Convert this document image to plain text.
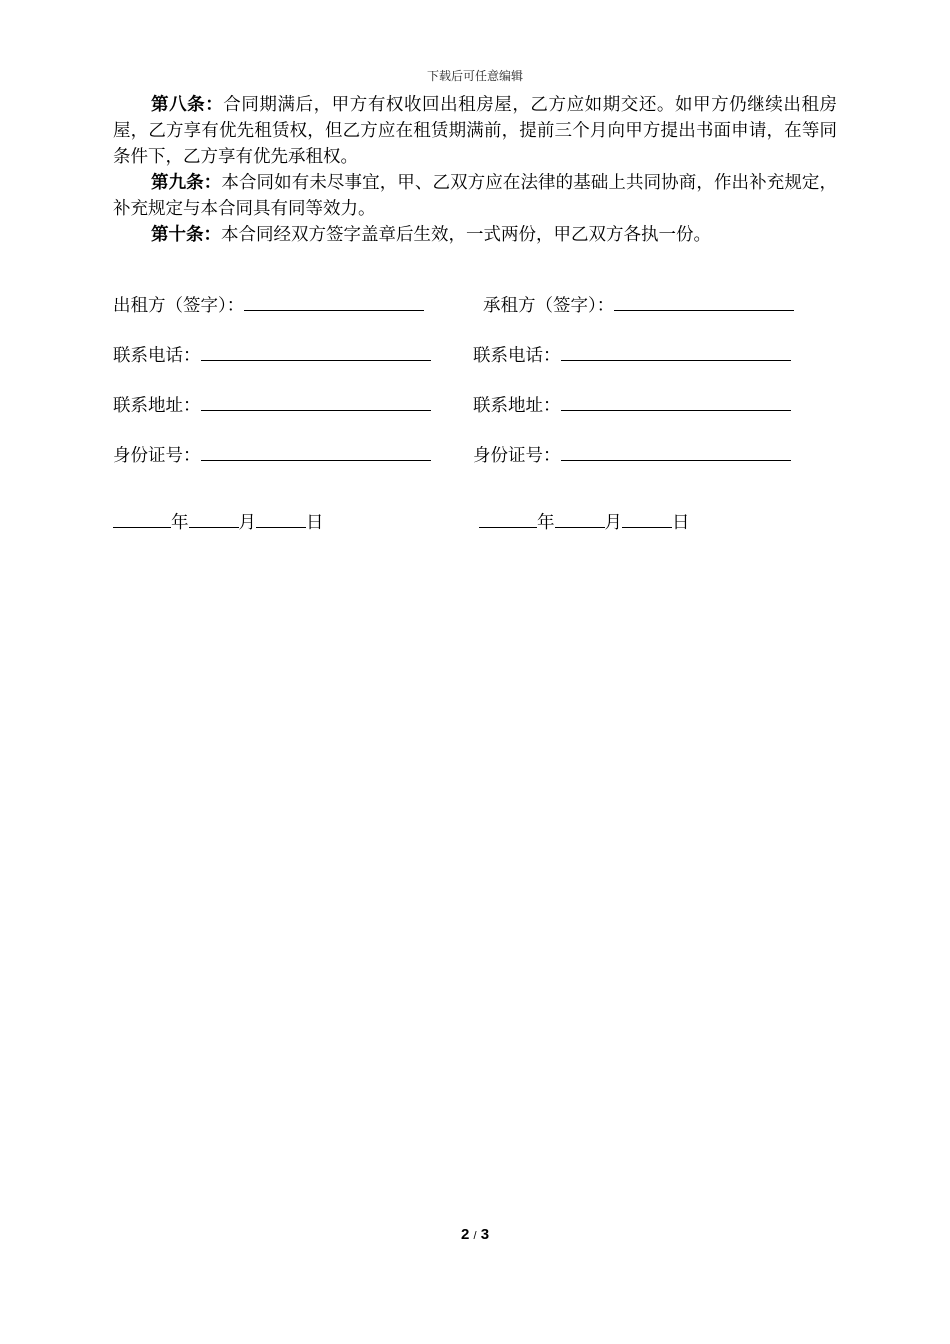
下载后可任意编辑

第八条：合同期满后，甲方有权收回出租房屋，乙方应如期交还。如甲方仍继续出租房屋，乙方享有优先租赁权，但乙方应在租赁期满前，提前三个月向甲方提出书面申请，在等同条件下，乙方享有优先承租权。

第九条：本合同如有未尽事宜，甲、乙双方应在法律的基础上共同协商，作出补充规定，补充规定与本合同具有同等效力。

第十条：本合同经双方签字盖章后生效，一式两份，甲乙双方各执一份。

出租方（签字）：	承租方（签字）：
联系电话：	联系电话：
联系地址：	联系地址：
身份证号：	身份证号：
年	月	日	年	月	日
2 / 3
